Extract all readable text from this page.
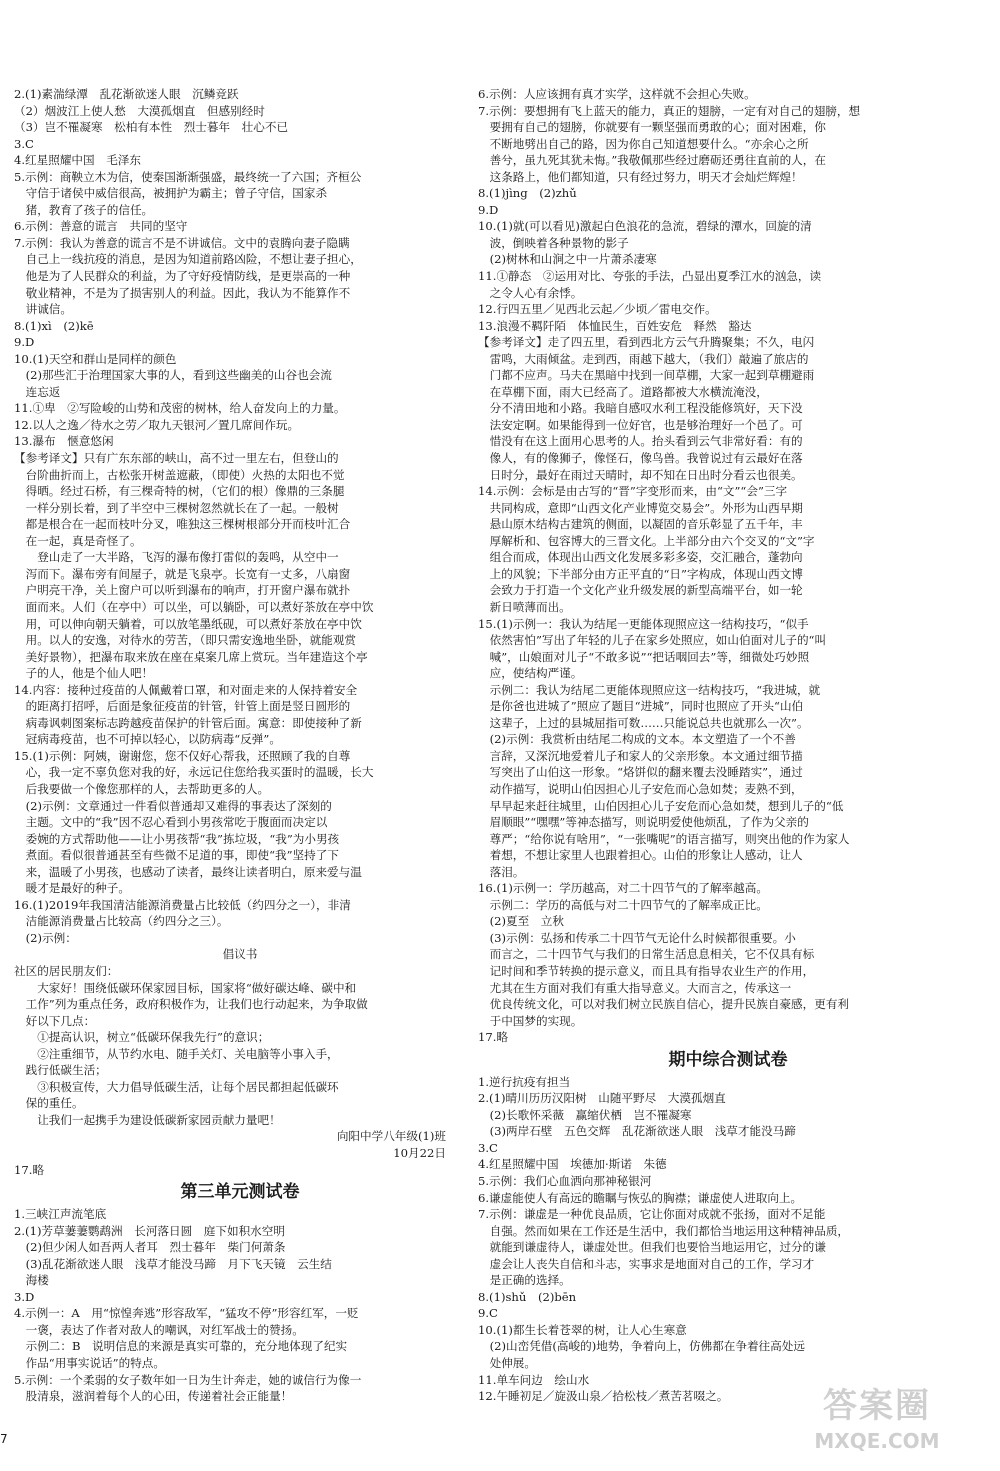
2.(1)素湍绿潭　乱花渐欲迷人眼　沉鳞竞跃
（2）烟波江上使人愁　大漠孤烟直　但感别经时
（3）岂不罹凝寒　松柏有本性　烈士暮年　壮心不已
3.C
4.红星照耀中国　毛泽东
5.示例：商鞅立木为信，使秦国渐渐强盛，最终统一了六国；齐桓公
　守信于诸侯中威信很高，被拥护为霸主；曾子守信，国家杀
　猪，教育了孩子的信任。
6.示例：善意的谎言　共同的坚守
7.示例：我认为善意的谎言不是不讲诚信。文中的袁腾向妻子隐瞒
　自己上一线抗疫的消息，是因为知道前路凶险，不想让妻子担心，
　他是为了人民群众的利益，为了守好疫情防线，是更崇高的一种
　敬业精神，不是为了损害别人的利益。因此，我认为不能算作不
　讲诚信。
8.(1)xì　(2)kē
9.D
10.(1)天空和群山是同样的颜色
　(2)那些汇于治理国家大事的人，看到这些幽美的山谷也会流
　连忘返
11.①卑　②写险峻的山势和茂密的树林，给人奋发向上的力量。
12.以人之逸／待水之劳／取九天银河／置几席间作玩。
13.瀑布　惬意悠闲
【参考译文】只有广东东部的峡山，高不过一里左右，但登山的
　台阶曲折而上，古松张开树盖遮蔽，（即使）火热的太阳也不觉
　得晒。经过石桥，有三棵奇特的树，（它们的根）像鼎的三条腿
　一样分别长着，到了半空中三棵树忽然就长在了一起。一般树
　都是根合在一起而枝叶分叉，唯独这三棵树根部分开而枝叶汇合
　在一起，真是奇怪了。
　　登山走了一大半路，飞泻的瀑布像打雷似的轰鸣，从空中一
　泻而下。瀑布旁有间屋子，就是飞泉亭。长宽有一丈多，八扇窗
　户明亮干净，关上窗户可以听到瀑布的响声，打开窗户瀑布就扑
　面而来。人们（在亭中）可以坐，可以躺卧，可以煮好茶放在亭中饮
　用，可以伸向朝天躺着，可以放笔墨纸砚，可以煮好茶放在亭中饮
　用。以人的安逸，对待水的劳苦，（即只需安逸地坐卧，就能观赏
　美好景物），把瀑布取来放在座在桌案几席上赏玩。当年建造这个亭
　子的人，他是个仙人吧！
14.内容：接种过疫苗的人佩戴着口罩，和对面走来的人保持着安全
　的距离打招呼，后面是象征疫苗的针管，针管上面是竖日圆形的
　病毒讽刺图案标志跨越疫苗保护的针管后面。寓意：即使接种了新
　冠病毒疫苗，也不可掉以轻心，以防病毒“反弹”。
15.(1)示例：阿姨，谢谢您，您不仅好心帮我，还照顾了我的自尊
　心，我一定不辜负您对我的好，永远记住您给我买蛋时的温暖，长大
　后我要做一个像您那样的人，去帮助更多的人。
　(2)示例：文章通过一件看似普通却又难得的事表达了深刻的
　主题。文中的“我”因不忍心看到小男孩常吃于腹面而决定以
　委婉的方式帮助他——让小男孩帮“我”拣垃圾，“我”为小男孩
　煮面。看似很普通甚至有些微不足道的事，即使“我”坚持了下
　来，温暖了小男孩，也感动了读者，最终让读者明白，原来爱与温
　暖才是最好的种子。
16.(1)2019年我国清洁能源消费量占比较低（约四分之一），非清
　洁能源消费量占比较高（约四分之三）。
　(2)示例：
倡议书
社区的居民朋友们：
　　大家好！围绕低碳环保家园目标，国家将“做好碳达峰、碳中和
　工作”列为重点任务，政府积极作为，让我们也行动起来，为争取做
　好以下几点：
　　①提高认识，树立“低碳环保我先行”的意识；
　　②注重细节，从节约水电、随手关灯、关电脑等小事入手，
　践行低碳生活；
　　③积极宣传，大力倡导低碳生活，让每个居民都担起低碳环
　保的重任。
　　让我们一起携手为建设低碳新家园贡献力量吧！
向阳中学八年级(1)班
10月22日
17.略
第三单元测试卷
1.三峡江声流笔底
2.(1)芳草萋萋鹦鹉洲　长河落日圆　庭下如积水空明
　(2)但少闲人如吾两人者耳　烈士暮年　柴门何萧条
　(3)乱花渐欲迷人眼　浅草才能没马蹄　月下飞天镜　云生结
　海楼
3.D
4.示例一：A　用“惊惶奔逃”形容敌军，“猛攻不停”形容红军，一贬
　一褒，表达了作者对敌人的嘲讽，对红军战士的赞扬。
　示例二：B　说明信息的来源是真实可靠的，充分地体现了纪实
　作品“用事实说话”的特点。
5.示例：一个柔弱的女子数年如一日为生计奔走，她的诚信行为像一
　股清泉，滋润着每个人的心田，传递着社会正能量！
6.示例：人应该拥有真才实学，这样就不会担心失败。
7.示例：要想拥有飞上蓝天的能力，真正的翅膀，一定有对自己的翅膀，想
　要拥有自己的翅膀，你就要有一颗坚强而勇敢的心；面对困难，你
　不断地劈出自己的路，因为你自己知道想要什么。“亦余心之所
　善兮，虽九死其犹未悔。”我敬佩那些经过磨砺还勇往直前的人，在
　这条路上，他们都知道，只有经过努力，明天才会灿烂辉煌！
8.(1)jìng　(2)zhǔ
9.D
10.(1)就(可以看见)激起白色浪花的急流，碧绿的潭水，回旋的清
　波，倒映着各种景物的影子
　(2)树林和山涧之中一片萧杀凄寒
11.①静态　②运用对比、夸张的手法，凸显出夏季江水的汹急，读
　之令人心有余悸。
12.行四五里／见西北云起／少顷／雷电交作。
13.浪漫不羁阡陌　体恤民生，百姓安危　释然　豁达
【参考译文】走了四五里，看到西北方云气升腾聚集；不久，电闪
　雷鸣，大雨倾盆。走到西，雨越下越大，（我们）敲遍了旅店的
　门都不应声。马夫在黑暗中找到一间草棚，大家一起到草棚避雨
　在草棚下面，雨大已经高了。道路都被大水横流淹没，
　分不清田地和小路。我暗自感叹水利工程没能修筑好，天下没
　法安定啊。如果能得到一位好官，也是够治理好一个邑了。可
　惜没有在这上面用心思考的人。抬头看到云气非常好看：有的
　像人，有的像狮子，像怪石，像鸟兽。我曾说过有云最好在落
　日时分，最好在雨过天晴时，却不知在日出时分看云也很美。
14.示例：会标是由古写的“晋”字变形而来，由“文”“会”三字
　共同构成，意即“山西文化产业博览交易会”。外形为山西早期
　悬山原木结构古建筑的侧面，以凝固的音乐彰显了五千年，丰
　厚解析和、包容博大的三晋文化。上半部分由六个交叉的“文”字
　组合而成，体现出山西文化发展多彩多姿，交汇融合，蓬勃向
　上的风貌；下半部分由方正平直的“日”字构成，体现山西文博
　会致力于打造一个文化产业升级发展的新型高端平台，如一轮
　新日喷薄而出。
15.(1)示例一：我认为结尾一更能体现照应这一结构技巧，“似手
　依然害怕”写出了年轻的儿子在家乡处照应，如山伯面对儿子的“叫
　喊”，山娘面对儿子“不敢多说”“把话咽回去”等，细微处巧妙照
　应，使结构严谨。
　示例二：我认为结尾二更能体现照应这一结构技巧，“我进城，就
　是你爸也进城了”照应了题目“进城”，同时也照应了开头“山伯
　这辈子，上过的县城屈指可数……只能说总共也就那么一次”。
　(2)示例：我赏析由结尾二构成的文本。本文塑造了一个不善
　言辞，又深沉地爱着儿子和家人的父亲形象。本文通过细节描
　写突出了山伯这一形象。“烙饼似的翻来覆去没睡踏实”，通过
　动作描写，说明山伯因担心儿子安危而心急如焚；麦熟不到，
　早早起来赶往城里，山伯因担心儿子安危而心急如焚，想到儿子的“低
　眉顺眼”“嘿嘿”等神态描写，则说明爱使他烦乱，了作为父亲的
　尊严；“给你说有啥用”，“一张嘴呢”的语言描写，则突出他的作为家人
　着想，不想让家里人也跟着担心。山伯的形象让人感动，让人
　落泪。
16.(1)示例一：学历越高，对二十四节气的了解率越高。
　示例二：学历的高低与对二十四节气的了解率成正比。
　(2)夏至　立秋
　(3)示例：弘扬和传承二十四节气无论什么时候都很重要。小
　而言之，二十四节气与我们的日常生活息息相关，它不仅具有标
　记时间和季节转换的提示意义，而且具有指导农业生产的作用，
　尤其在生方面对我们有重大指导意义。大而言之，传承这一
　优良传统文化，可以对我们树立民族自信心，提升民族自豪感，更有利
　于中国梦的实现。
17.略
期中综合测试卷
1.逆行抗疫有担当
2.(1)晴川历历汉阳树　山随平野尽　大漠孤烟直
　(2)长歌怀采薇　赢缩伏栖　岂不罹凝寒
　(3)两岸石壁　五色交辉　乱花渐欲迷人眼　浅草才能没马蹄
3.C
4.红星照耀中国　埃德加·斯诺　朱德
5.示例：我们心血洒向那神秘银河
6.谦虚能使人有高远的瞻瞩与恢弘的胸襟；谦虚使人进取向上。
7.示例：谦虚是一种优良品质，它让你面对成就不张扬，面对不足能
　自强。然而如果在工作还是生活中，我们都恰当地运用这种精神品质，
　就能到谦虚待人，谦虚处世。但我们也要恰当地运用它，过分的谦
　虚会让人丧失自信和斗志，实事求是地面对自己的工作，学习才
　是正确的选择。
8.(1)shǔ　(2)bēn
9.C
10.(1)都生长着苍翠的树，让人心生寒意
　(2)山峦凭借(高峻的)地势，争着向上，仿佛都在争着往高处远
　处伸展。
11.单车问边　绘山水
12.午睡初足／旋汲山泉／拾松枝／煮苦茗啜之。
7
答案圈
MXQE.COM
